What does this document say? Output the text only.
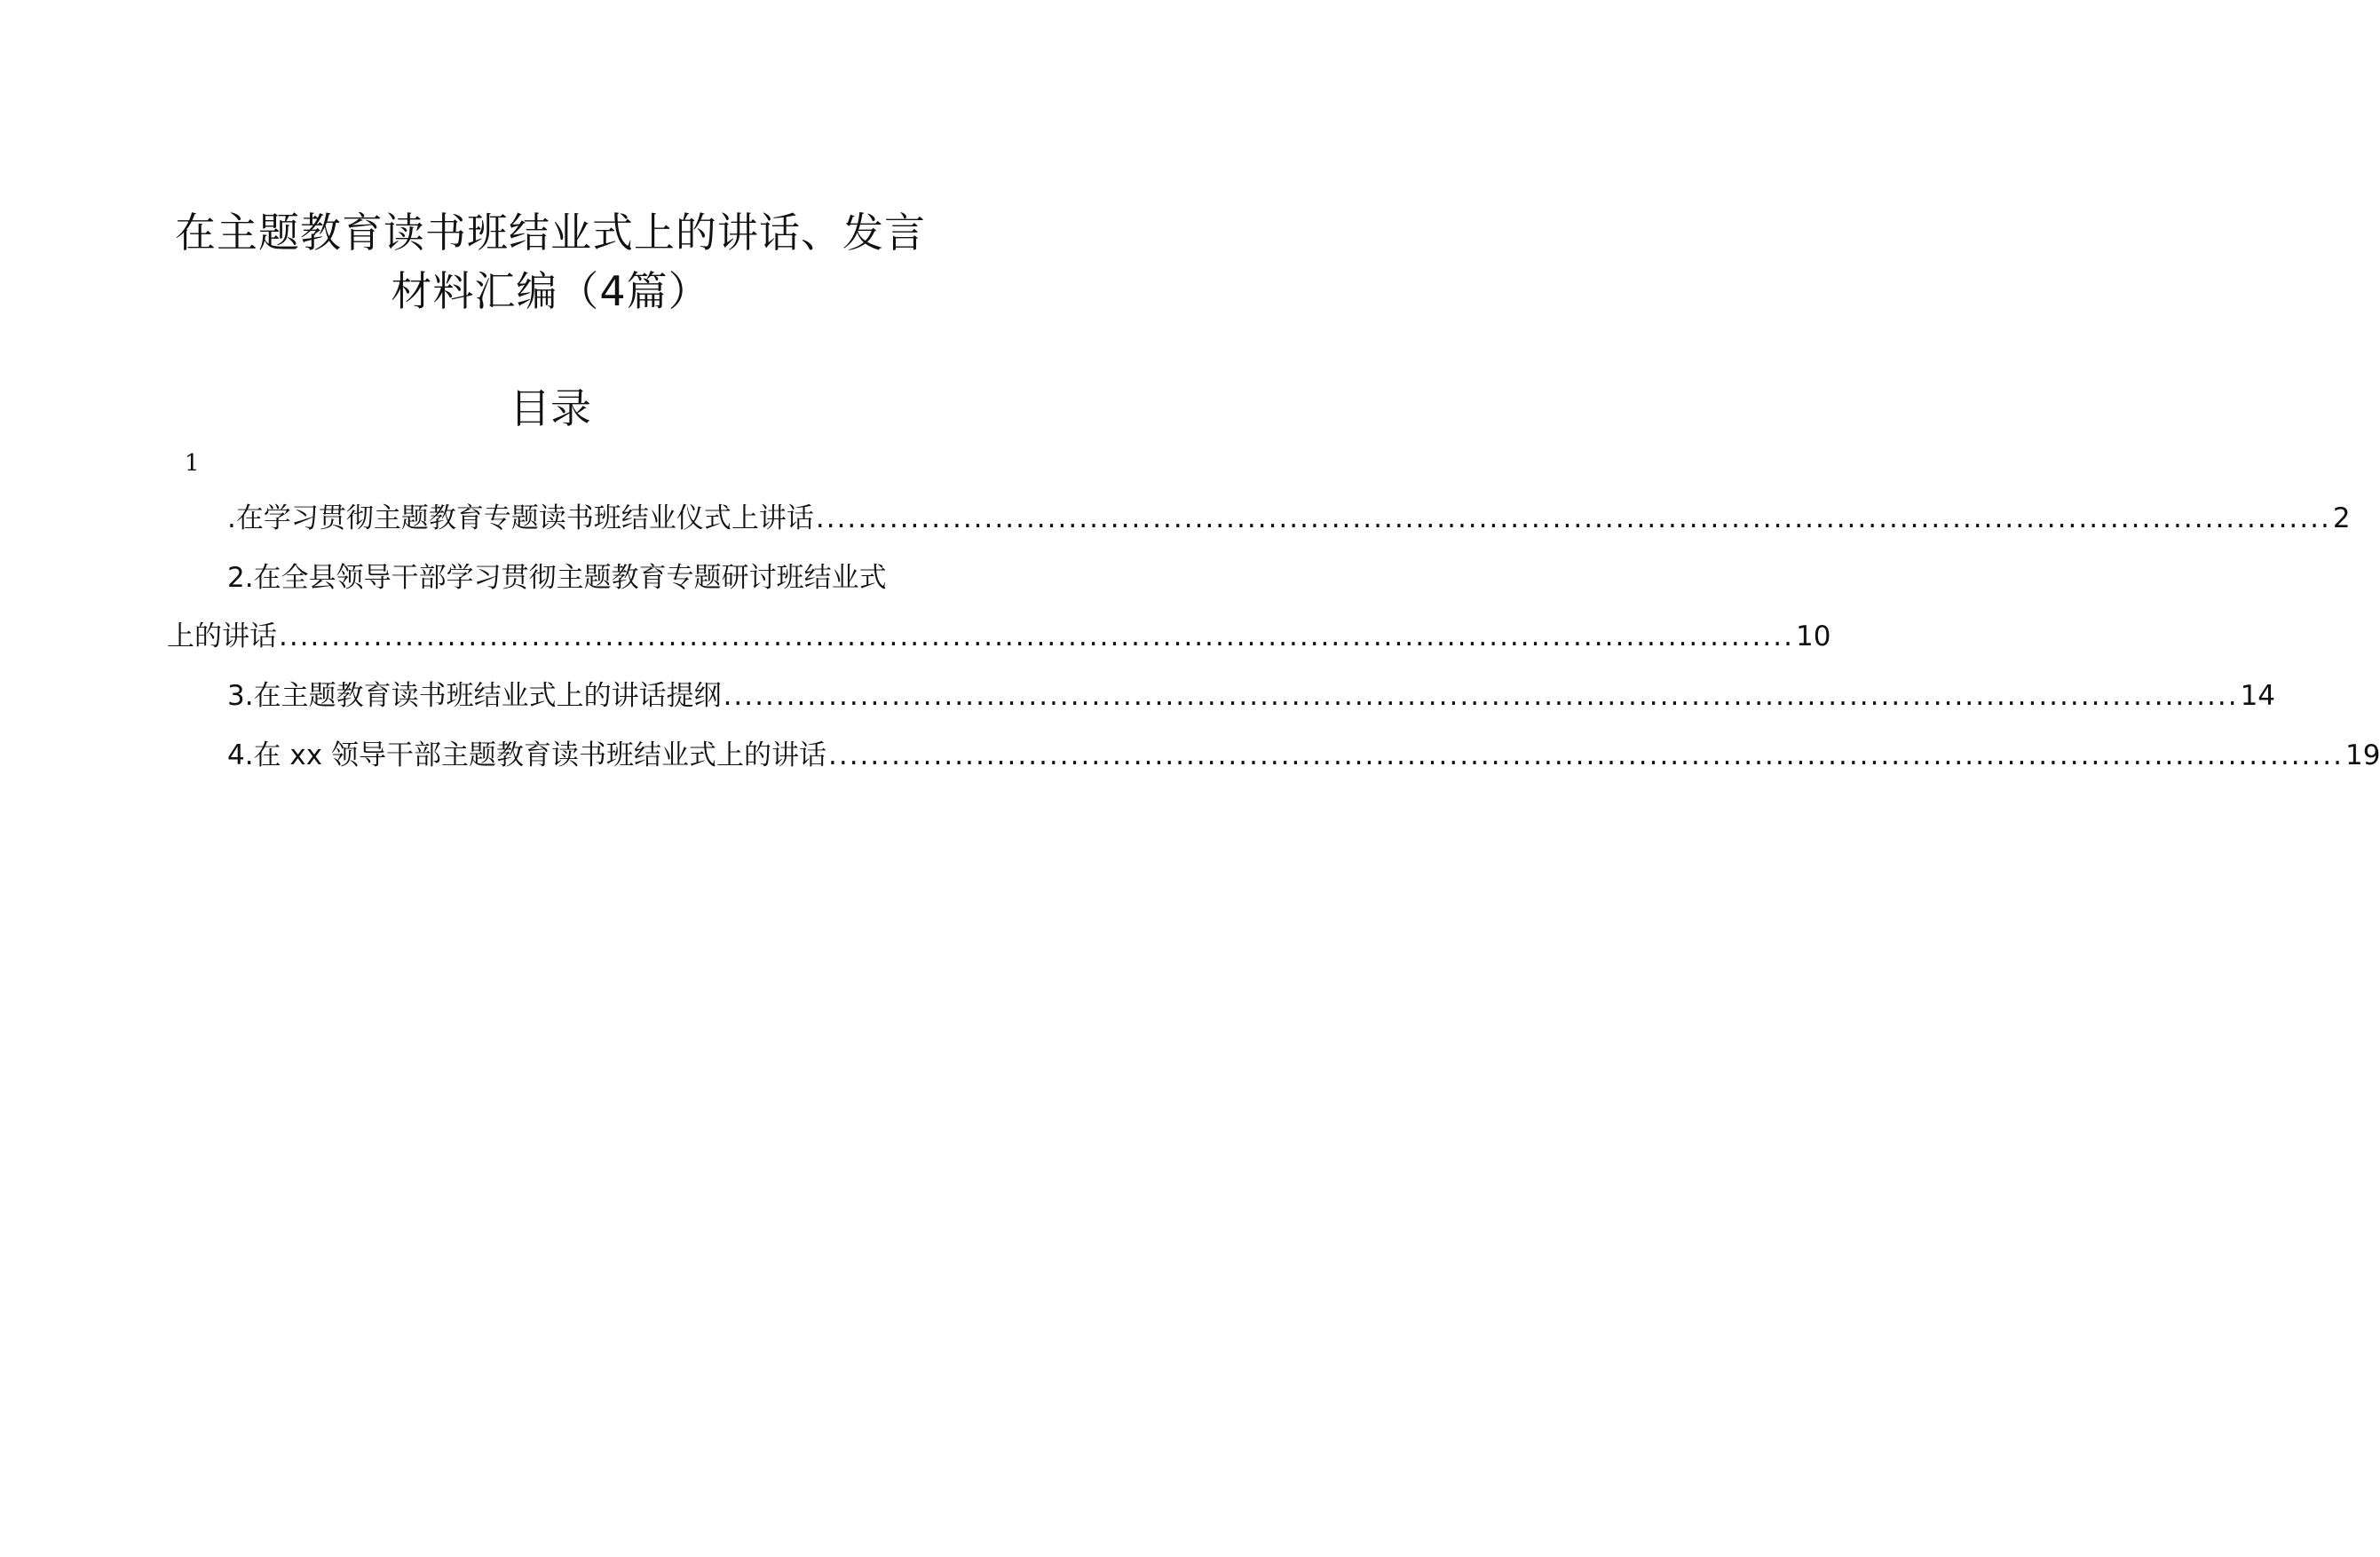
在主题教育读书班结业式上的讲话、发言
材料汇编（4篇）
目录
1
.在学习贯彻主题教育专题读书班结业仪式上讲话 ................................................................................................................................................ 2
2.在全县领导干部学习贯彻主题教育专题研讨班结业式
上的讲话 ................................................................................................................................................ 10
3.在主题教育读书班结业式上的讲话提纲 ................................................................................................................................................ 14
4.在 xx 领导干部主题教育读书班结业式上的讲话 ................................................................................................................................................ 19
